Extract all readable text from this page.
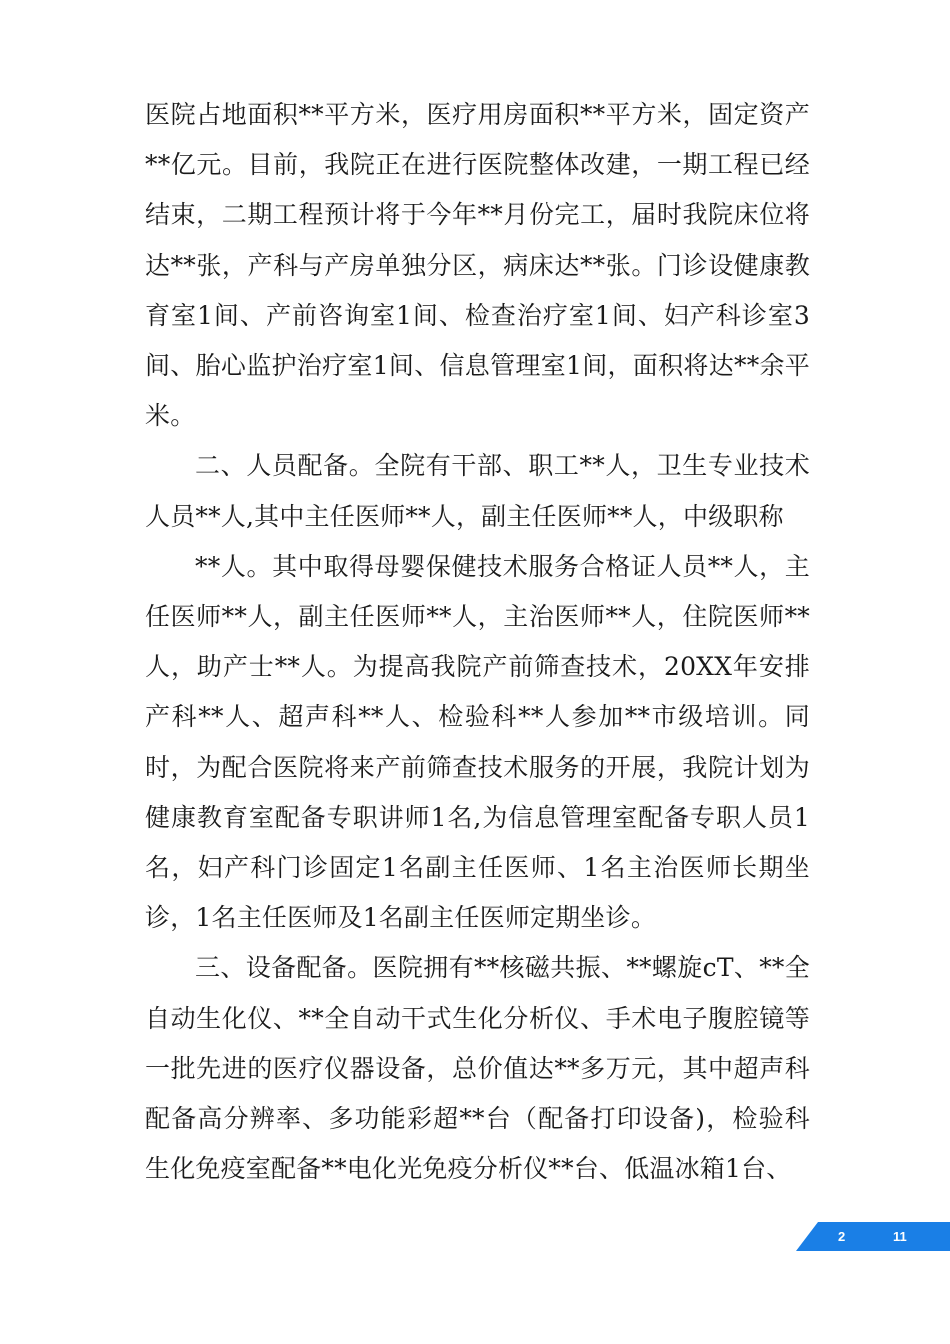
医院占地面积**平方米，医疗用房面积**平方米，固定资产**亿元。目前，我院正在进行医院整体改建，一期工程已经结束，二期工程预计将于今年**月份完工，届时我院床位将达**张，产科与产房单独分区，病床达**张。门诊设健康教育室1间、产前咨询室1间、检查治疗室1间、妇产科诊室3间、胎心监护治疗室1间、信息管理室1间，面积将达**余平米。

二、人员配备。全院有干部、职工**人，卫生专业技术人员**人,其中主任医师**人，副主任医师**人，中级职称

**人。其中取得母婴保健技术服务合格证人员**人，主任医师**人，副主任医师**人，主治医师**人，住院医师**人，助产士**人。为提高我院产前筛查技术，20XX年安排产科**人、超声科**人、检验科**人参加**市级培训。同时，为配合医院将来产前筛查技术服务的开展，我院计划为健康教育室配备专职讲师1名,为信息管理室配备专职人员1名，妇产科门诊固定1名副主任医师、1名主治医师长期坐诊，1名主任医师及1名副主任医师定期坐诊。

三、设备配备。医院拥有**核磁共振、**螺旋cT、**全自动生化仪、**全自动干式生化分析仪、手术电子腹腔镜等一批先进的医疗仪器设备，总价值达**多万元，其中超声科配备高分辨率、多功能彩超**台（配备打印设备)，检验科生化免疫室配备**电化光免疫分析仪**台、低温冰箱1台、

2	11
